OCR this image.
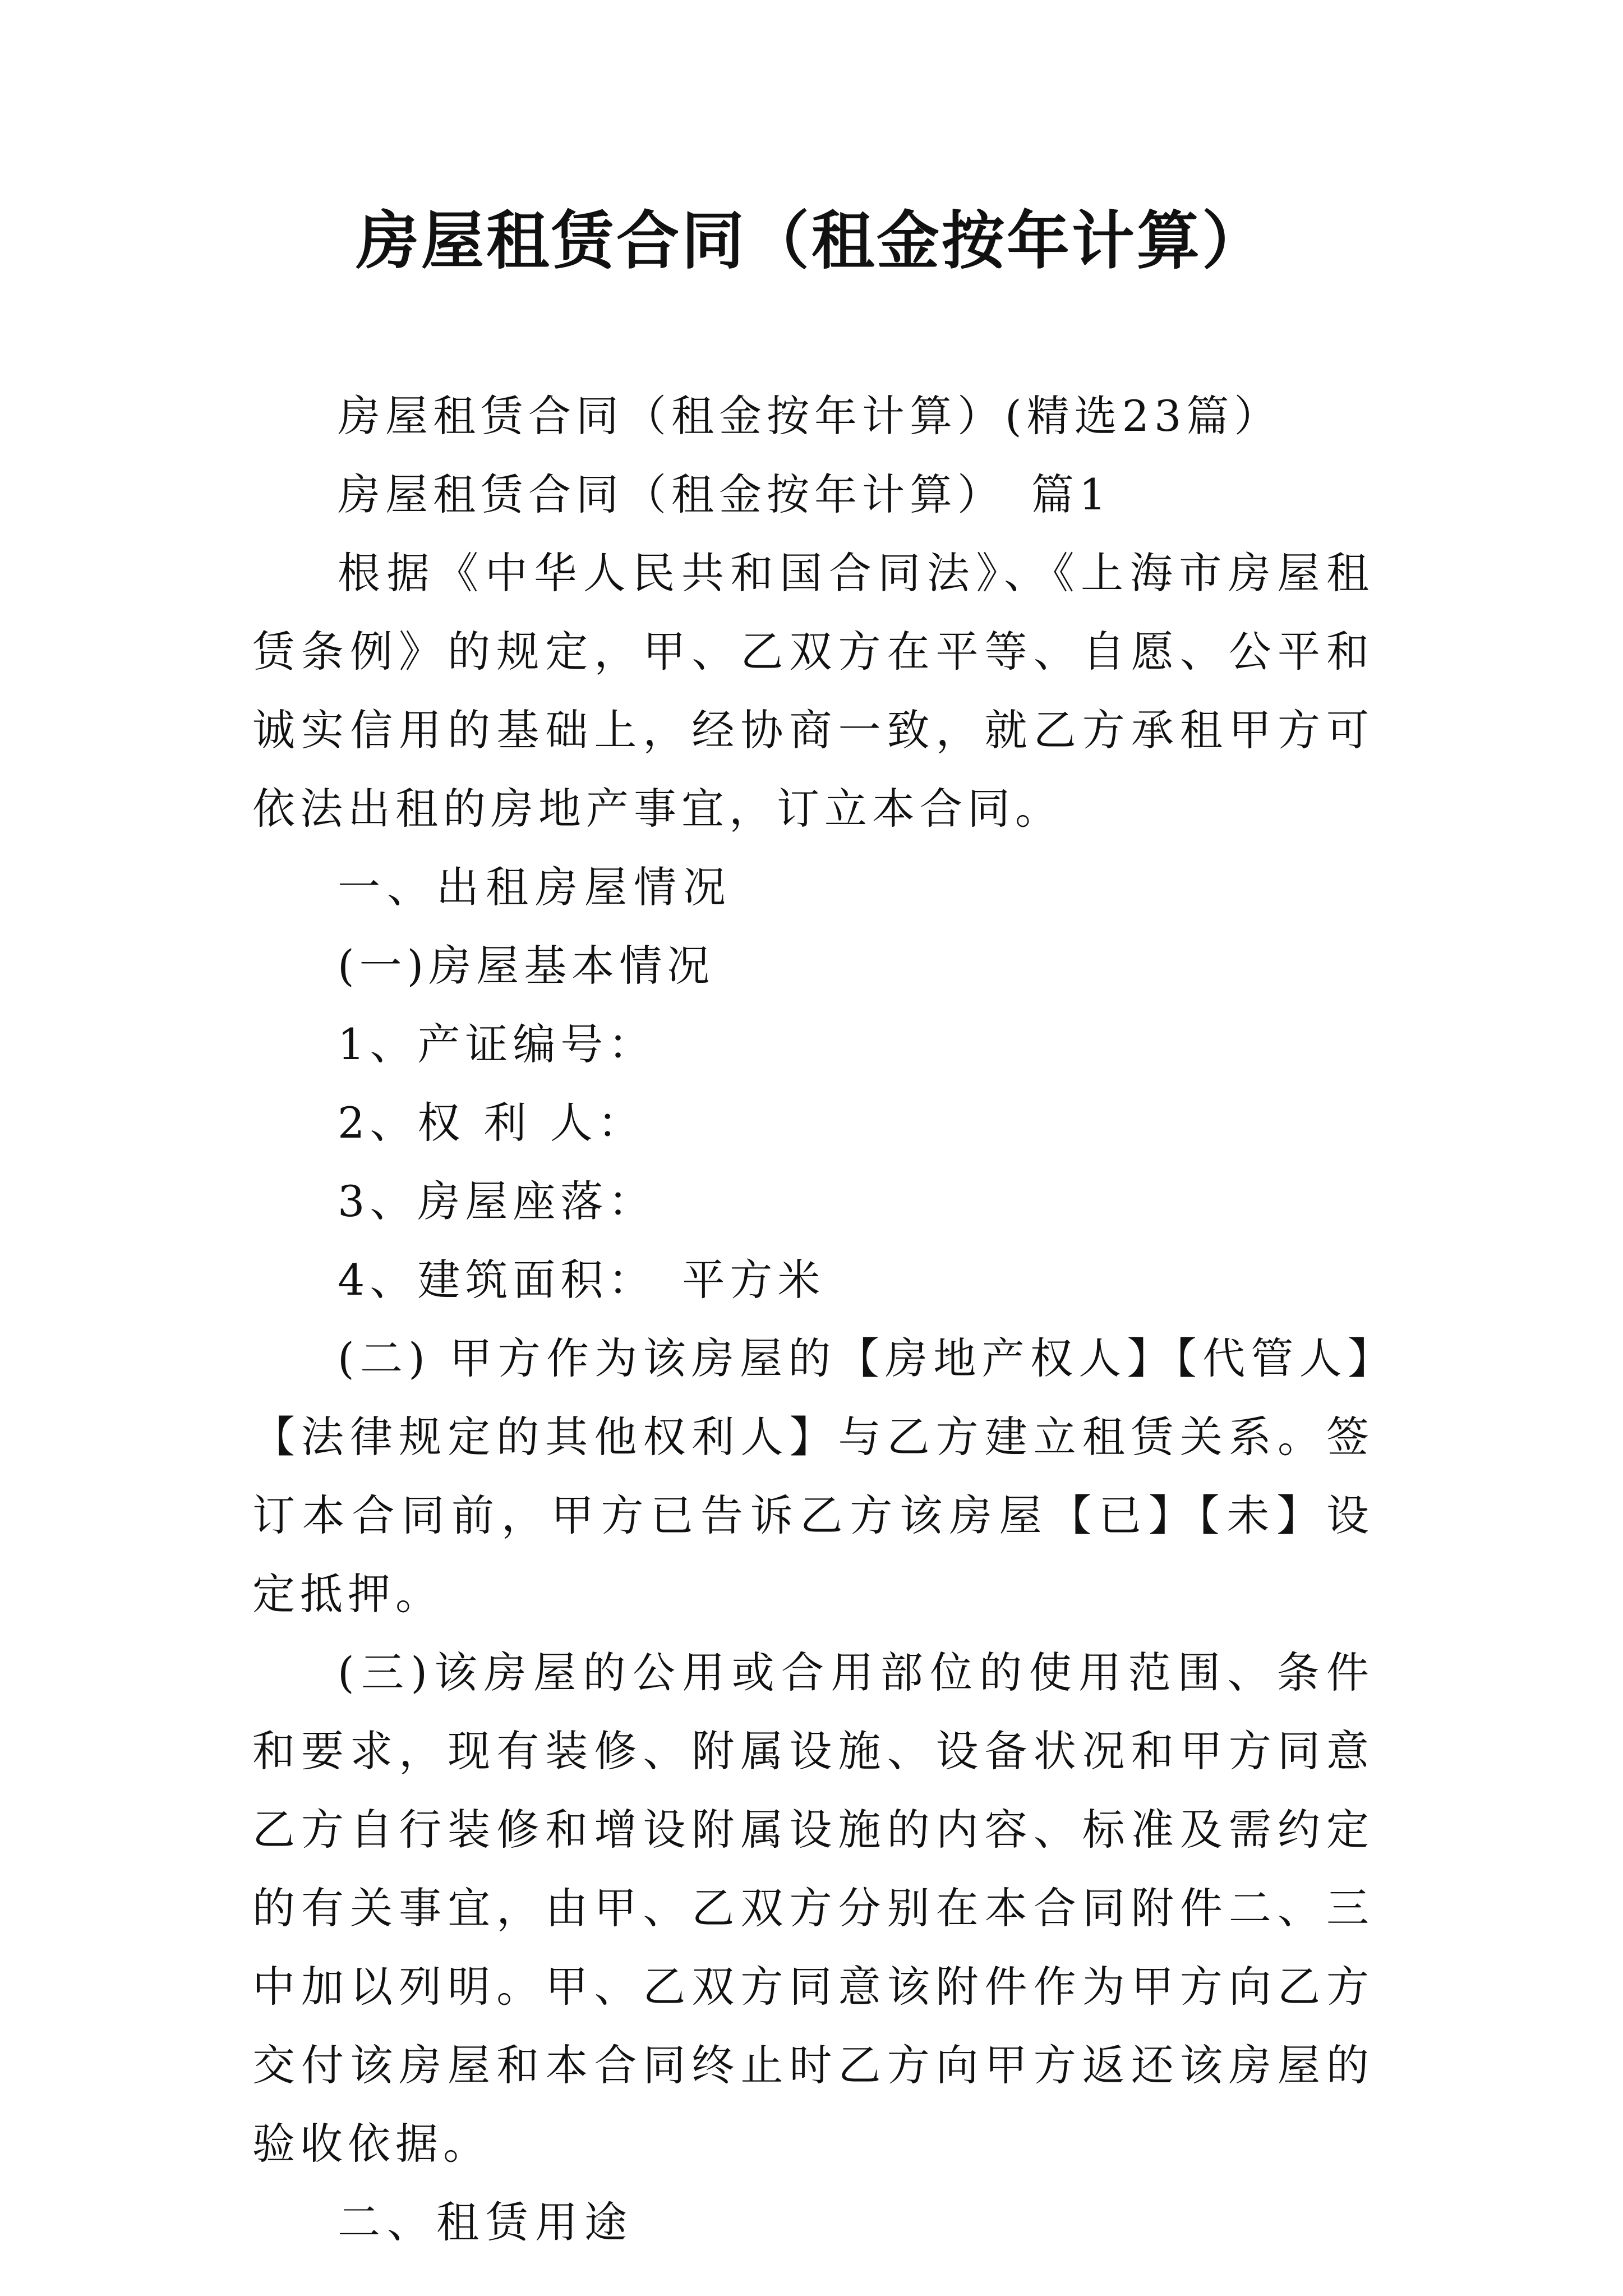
房屋租赁合同（租金按年计算）

房屋租赁合同（租金按年计算）(精选23篇）

房屋租赁合同（租金按年计算）　篇1

根据《中华人民共和国合同法》、《上海市房屋租赁条例》的规定，甲、乙双方在平等、自愿、公平和诚实信用的基础上，经协商一致，就乙方承租甲方可依法出租的房地产事宜，订立本合同。

一、出租房屋情况

(一)房屋基本情况

1、产证编号：

2、权 利 人：

3、房屋座落：

4、建筑面积：　平方米

(二) 甲方作为该房屋的【房地产权人】【代管人】【法律规定的其他权利人】与乙方建立租赁关系。签订本合同前，甲方已告诉乙方该房屋【已】【未】设定抵押。

(三)该房屋的公用或合用部位的使用范围、条件和要求，现有装修、附属设施、设备状况和甲方同意乙方自行装修和增设附属设施的内容、标准及需约定的有关事宜，由甲、乙双方分别在本合同附件二、三中加以列明。甲、乙双方同意该附件作为甲方向乙方交付该房屋和本合同终止时乙方向甲方返还该房屋的验收依据。

二、租赁用途
